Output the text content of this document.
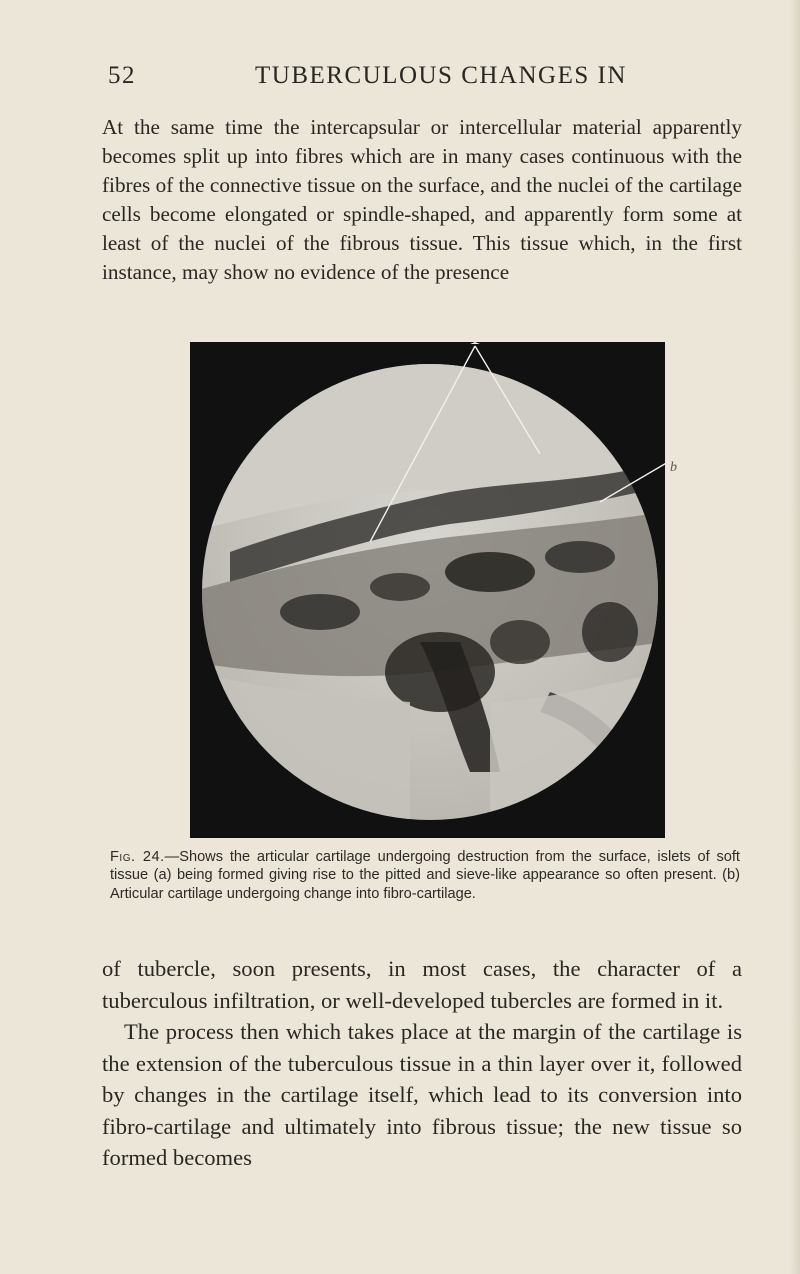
52	TUBERCULOUS CHANGES IN

At the same time the intercapsular or intercellular material apparently becomes split up into fibres which are in many cases continuous with the fibres of the connective tissue on the surface, and the nuclei of the cartilage cells become elongated or spindle-shaped, and apparently form some at least of the nuclei of the fibrous tissue. This tissue which, in the first instance, may show no evidence of the presence

b

Fig. 24.—Shows the articular cartilage undergoing destruction from the surface, islets of soft tissue (a) being formed giving rise to the pitted and sieve-like appearance so often present. (b) Articular cartilage undergoing change into fibro-cartilage.

of tubercle, soon presents, in most cases, the character of a tuberculous infiltration, or well-developed tubercles are formed in it.
The process then which takes place at the margin of the cartilage is the extension of the tuberculous tissue in a thin layer over it, followed by changes in the cartilage itself, which lead to its conversion into fibro-cartilage and ultimately into fibrous tissue; the new tissue so formed becomes
